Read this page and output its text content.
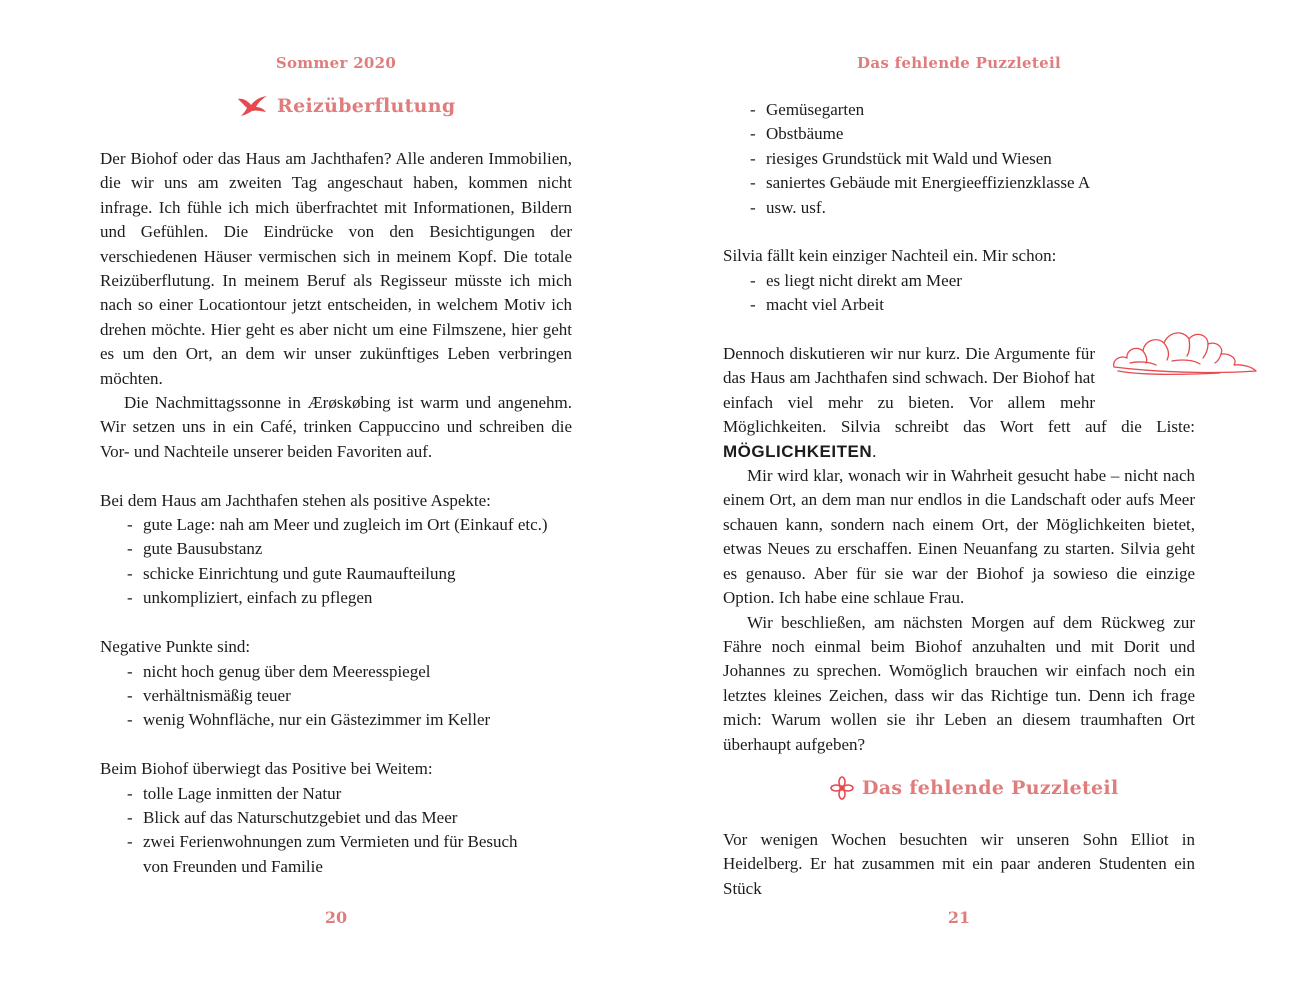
Sommer 2020
Reizüberflutung

Der Biohof oder das Haus am Jachthafen? Alle anderen Immobilien, die wir uns am zweiten Tag angeschaut haben, kommen nicht infrage. Ich fühle ich mich überfrachtet mit Informationen, Bildern und Gefühlen. Die Eindrücke von den Besichtigungen der verschiedenen Häuser vermischen sich in meinem Kopf. Die totale Reizüberflutung. In meinem Beruf als Regisseur müsste ich mich nach so einer Locationtour jetzt entscheiden, in welchem Motiv ich drehen möchte. Hier geht es aber nicht um eine Filmszene, hier geht es um den Ort, an dem wir unser zukünftiges Leben verbringen möchten.

Die Nachmittagssonne in Ærøskøbing ist warm und angenehm. Wir setzen uns in ein Café, trinken Cappuccino und schreiben die Vor- und Nachteile unserer beiden Favoriten auf.

Bei dem Haus am Jachthafen stehen als positive Aspekte:

- gute Lage: nah am Meer und zugleich im Ort (Einkauf etc.)
- gute Bausubstanz
- schicke Einrichtung und gute Raumaufteilung
- unkompliziert, einfach zu pflegen

Negative Punkte sind:

- nicht hoch genug über dem Meeresspiegel
- verhältnismäßig teuer
- wenig Wohnfläche, nur ein Gästezimmer im Keller

Beim Biohof überwiegt das Positive bei Weitem:

- tolle Lage inmitten der Natur
- Blick auf das Naturschutzgebiet und das Meer
- zwei Ferienwohnungen zum Vermieten und für Besuch von Freunden und Familie
20
Das fehlende Puzzleteil
- Gemüsegarten
- Obstbäume
- riesiges Grundstück mit Wald und Wiesen
- saniertes Gebäude mit Energieeffizienzklasse A
- usw. usf.

Silvia fällt kein einziger Nachteil ein. Mir schon:

- es liegt nicht direkt am Meer
- macht viel Arbeit

Dennoch diskutieren wir nur kurz. Die Argumente für das Haus am Jachthafen sind schwach. Der Biohof hat einfach viel mehr zu bieten. Vor allem mehr Möglichkeiten. Silvia schreibt das Wort fett auf die Liste: MÖGLICHKEITEN.

Mir wird klar, wonach wir in Wahrheit gesucht habe – nicht nach einem Ort, an dem man nur endlos in die Landschaft oder aufs Meer schauen kann, sondern nach einem Ort, der Möglichkeiten bietet, etwas Neues zu erschaffen. Einen Neuanfang zu starten. Silvia geht es genauso. Aber für sie war der Biohof ja sowieso die einzige Option. Ich habe eine schlaue Frau.

Wir beschließen, am nächsten Morgen auf dem Rückweg zur Fähre noch einmal beim Biohof anzuhalten und mit Dorit und Johannes zu sprechen. Womöglich brauchen wir einfach noch ein letztes kleines Zeichen, dass wir das Richtige tun. Denn ich frage mich: Warum wollen sie ihr Leben an diesem traumhaften Ort überhaupt aufgeben?

Das fehlende Puzzleteil

Vor wenigen Wochen besuchten wir unseren Sohn Elliot in Heidelberg. Er hat zusammen mit ein paar anderen Studenten ein Stück

21
